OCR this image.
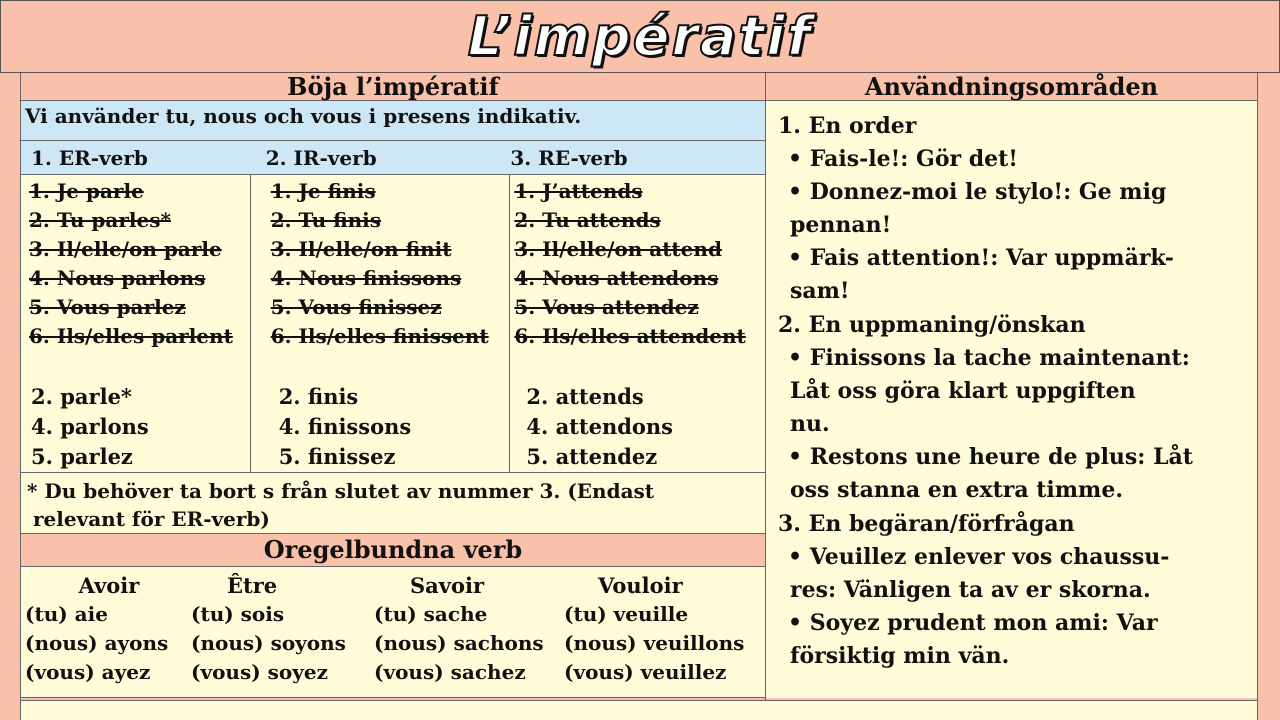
L’impératif
Böja l’impératif
Vi använder tu, nous och vous i presens indikativ.
1. ER-verb	2. IR-verb	3. RE-verb
1. Je parle
2. Tu parles*
3. Il/elle/on parle
4. Nous parlons
5. Vous parlez
6. Ils/elles parlent
2. parle*
4. parlons
5. parlez
1. Je finis
2. Tu finis
3. Il/elle/on finit
4. Nous finissons
5. Vous finissez
6. Ils/elles finissent
2. finis
4. finissons
5. finissez
1. J’attends
2. Tu attends
3. Il/elle/on attend
4. Nous attendons
5. Vous attendez
6. Ils/elles attendent
2. attends
4. attendons
5. attendez
* Du behöver ta bort s från slutet av nummer 3. (Endast
relevant för ER-verb)
Oregelbundna verb
Avoir
(tu) aie
(nous) ayons
(vous) ayez
Être
(tu) sois
(nous) soyons
(vous) soyez
Savoir
(tu) sache
(nous) sachons
(vous) sachez
Vouloir
(tu) veuille
(nous) veuillons
(vous) veuillez
Användningsområden
1. En order
• Fais-le!: Gör det!
• Donnez-moi le stylo!: Ge mig
pennan!
• Fais attention!: Var uppmärk-
sam!
2. En uppmaning/önskan
• Finissons la tache maintenant:
Låt oss göra klart uppgiften
nu.
• Restons une heure de plus: Låt
oss stanna en extra timme.
3. En begäran/förfrågan
• Veuillez enlever vos chaussu-
res: Vänligen ta av er skorna.
• Soyez prudent mon ami: Var
försiktig min vän.
